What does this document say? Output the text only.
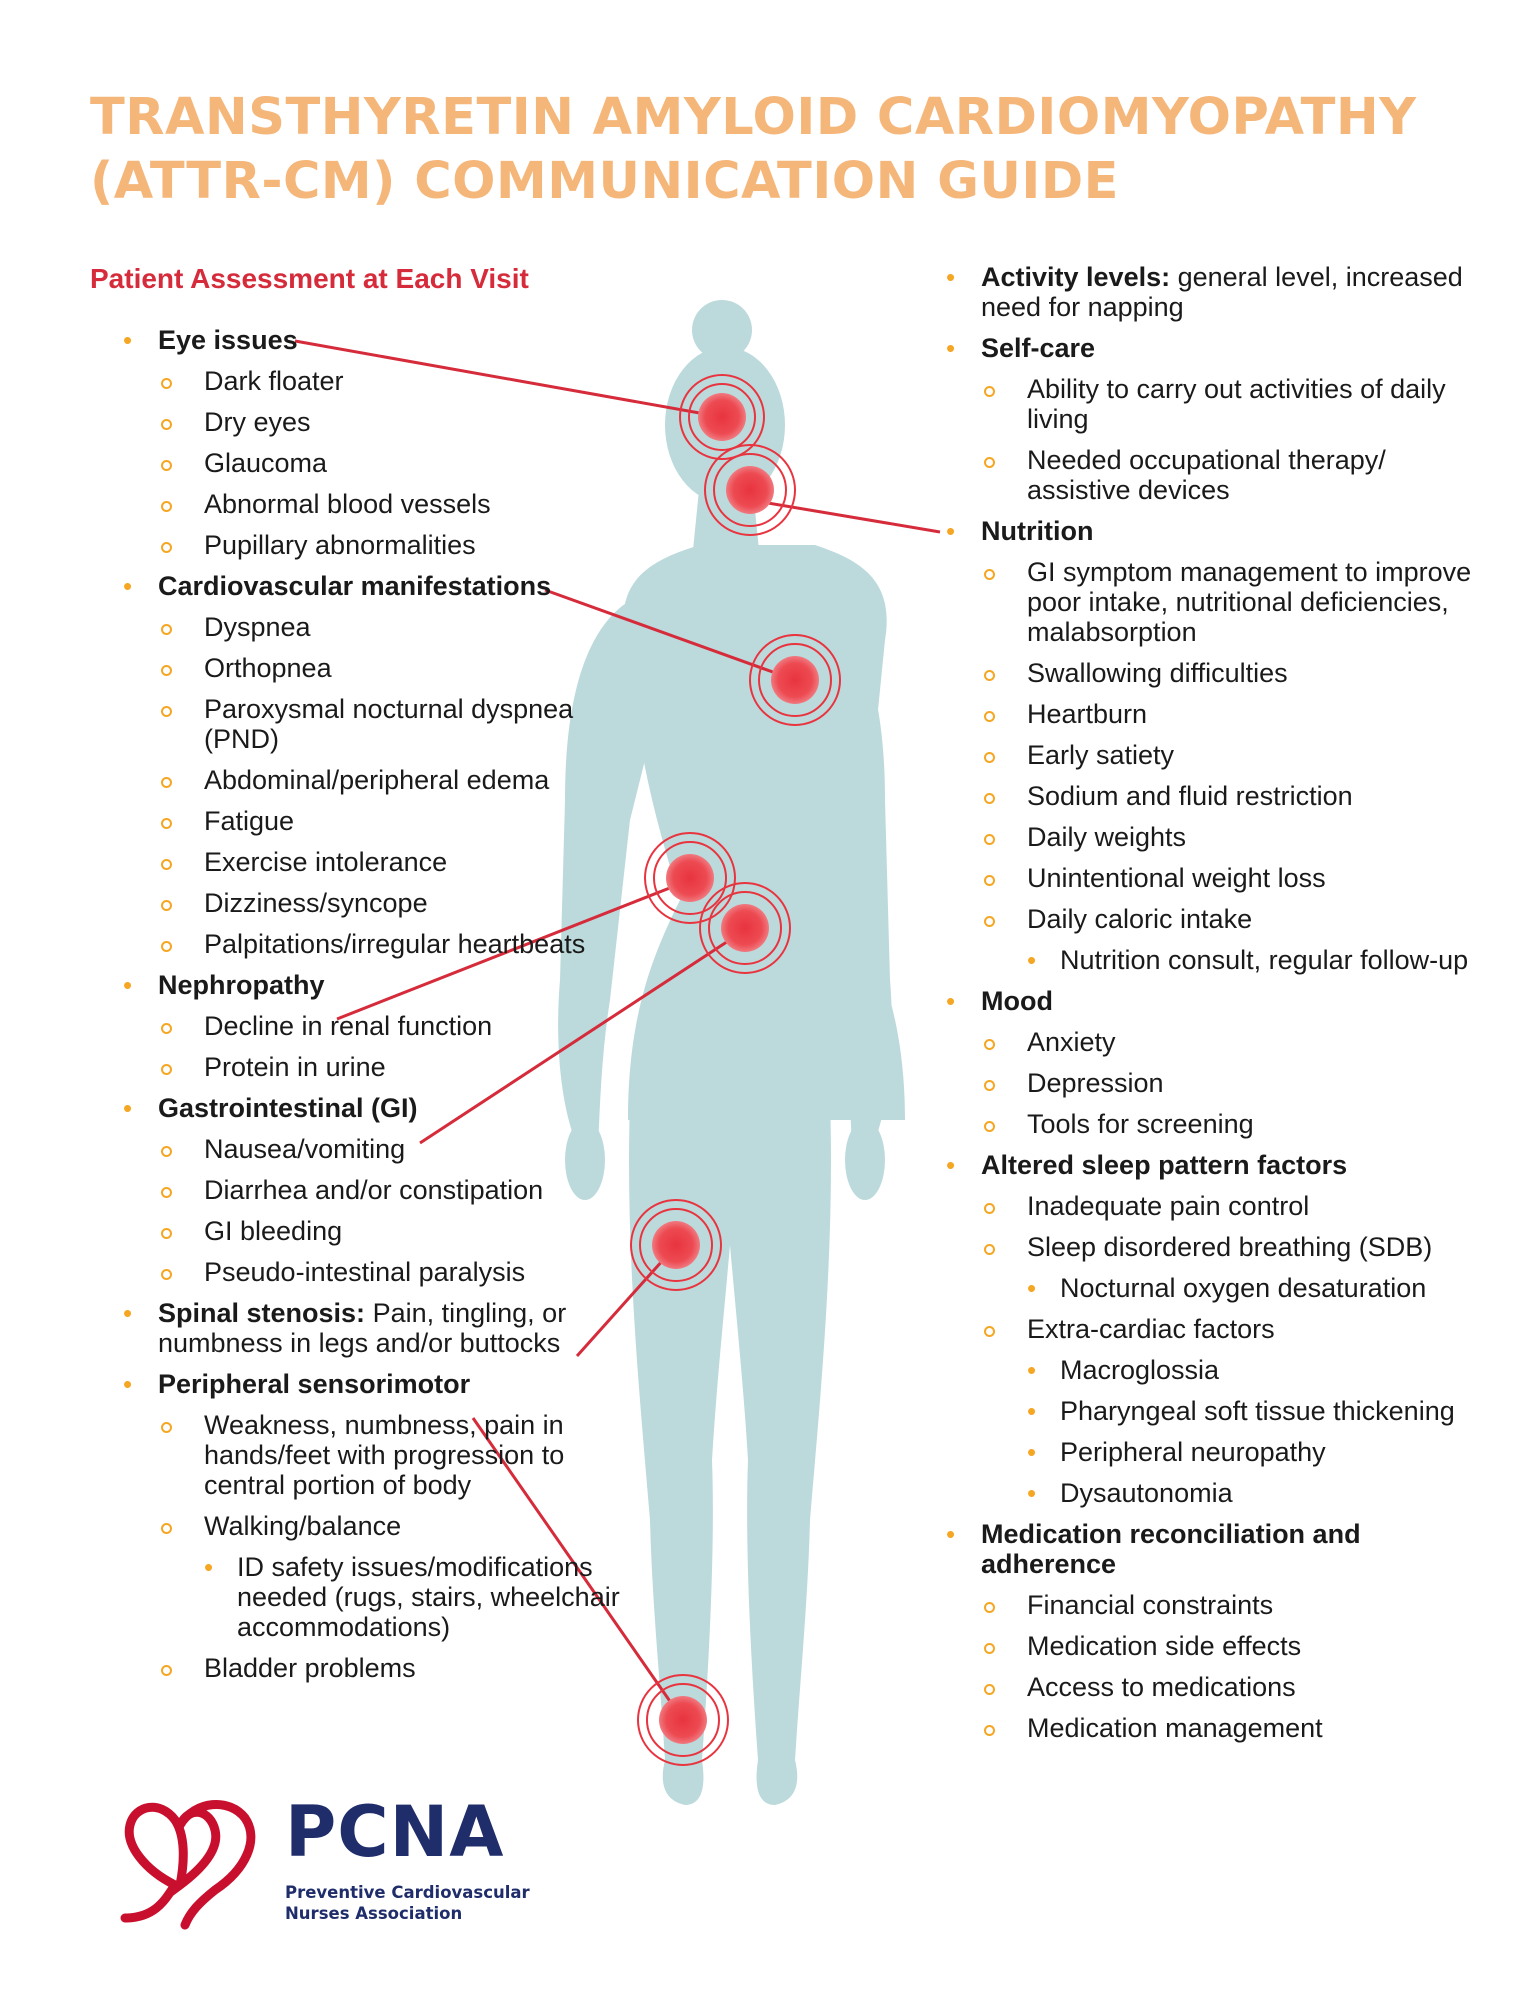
TRANSTHYRETIN AMYLOID CARDIOMYOPATHY
(ATTR-CM) COMMUNICATION GUIDE
Patient Assessment at Each Visit
• Eye issues
Dark floater
Dry eyes
Glaucoma
Abnormal blood vessels
Pupillary abnormalities
• Cardiovascular manifestations
Dyspnea
Orthopnea
Paroxysmal nocturnal dyspnea (PND)
Abdominal/peripheral edema
Fatigue
Exercise intolerance
Dizziness/syncope
Palpitations/irregular heartbeats
• Nephropathy
Decline in renal function
Protein in urine
• Gastrointestinal (GI)
Nausea/vomiting
Diarrhea and/or constipation
GI bleeding
Pseudo-intestinal paralysis
• Spinal stenosis: Pain, tingling, or numbness in legs and/or buttocks
• Peripheral sensorimotor
Weakness, numbness, pain in hands/feet with progression to central portion of body
Walking/balance
• ID safety issues/modifications needed (rugs, stairs, wheelchair accommodations)
Bladder problems
• Activity levels: general level, increased need for napping
• Self-care
Ability to carry out activities of daily living
Needed occupational therapy/ assistive devices
• Nutrition
GI symptom management to improve poor intake, nutritional deficiencies, malabsorption
Swallowing difficulties
Heartburn
Early satiety
Sodium and fluid restriction
Daily weights
Unintentional weight loss
Daily caloric intake
• Nutrition consult, regular follow-up
• Mood
Anxiety
Depression
Tools for screening
• Altered sleep pattern factors
Inadequate pain control
Sleep disordered breathing (SDB)
• Nocturnal oxygen desaturation
Extra-cardiac factors
• Macroglossia
• Pharyngeal soft tissue thickening
• Peripheral neuropathy
• Dysautonomia
• Medication reconciliation and adherence
Financial constraints
Medication side effects
Access to medications
Medication management
PCNA
Preventive Cardiovascular
Nurses Association
